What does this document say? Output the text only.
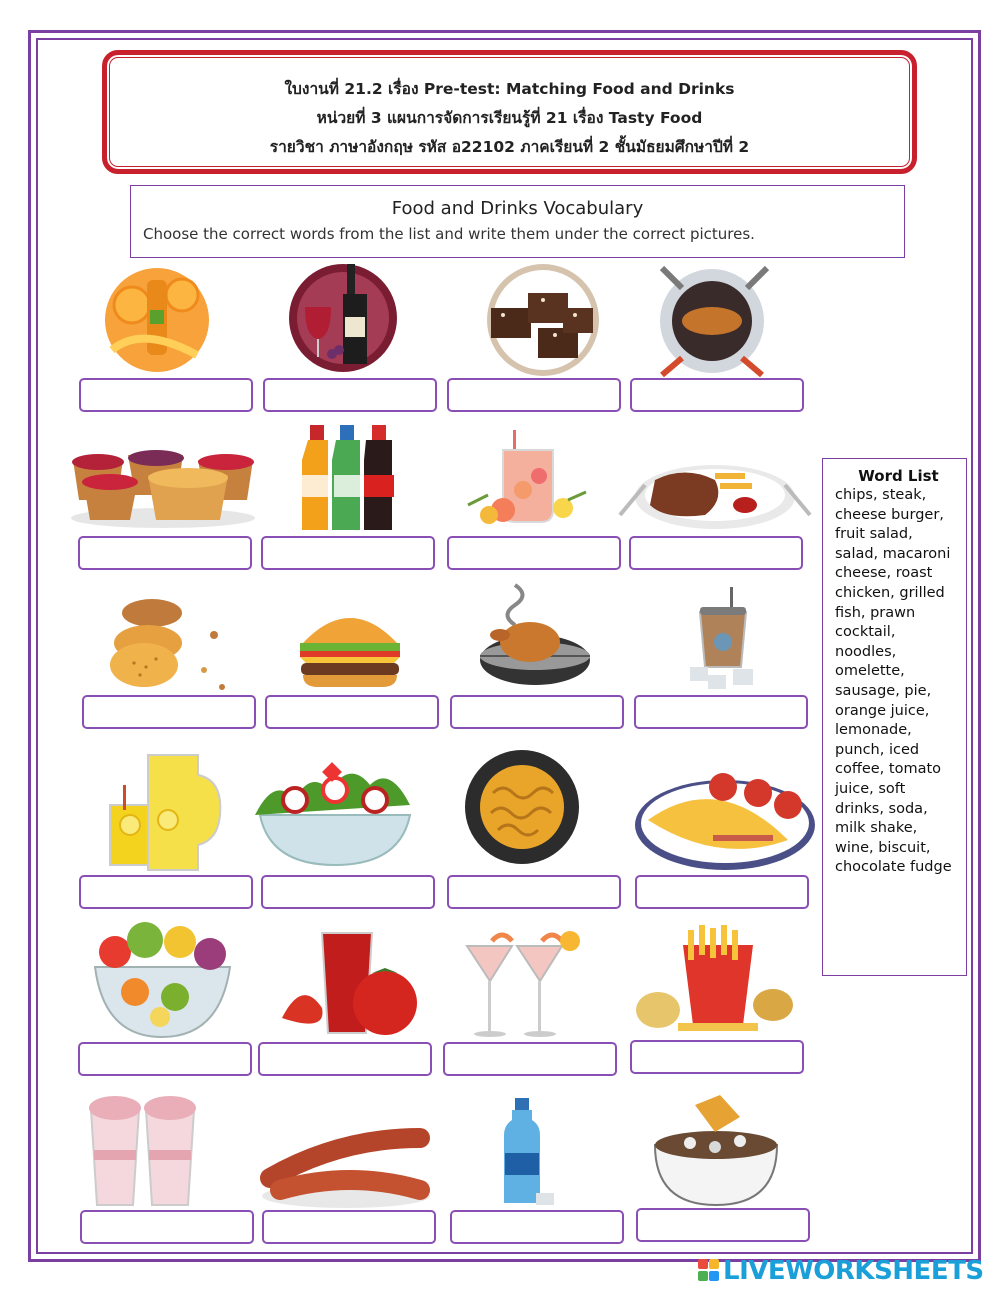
ใบงานที่ 21.2 เรื่อง Pre-test: Matching Food and Drinks
หน่วยที่ 3 แผนการจัดการเรียนรู้ที่ 21 เรื่อง Tasty Food
รายวิชา ภาษาอังกฤษ รหัส อ22102 ภาคเรียนที่ 2 ชั้นมัธยมศึกษาปีที่ 2
Food and Drinks Vocabulary
Choose the correct words from the list and write them under the correct pictures.
Word List
chips, steak,
cheese burger,
fruit salad,
salad, macaroni
cheese, roast
chicken, grilled
fish, prawn
cocktail,
noodles,
omelette,
sausage, pie,
orange juice,
lemonade,
punch, iced
coffee, tomato
juice, soft
drinks, soda,
milk shake,
wine, biscuit,
chocolate fudge
LIVEWORKSHEETS
